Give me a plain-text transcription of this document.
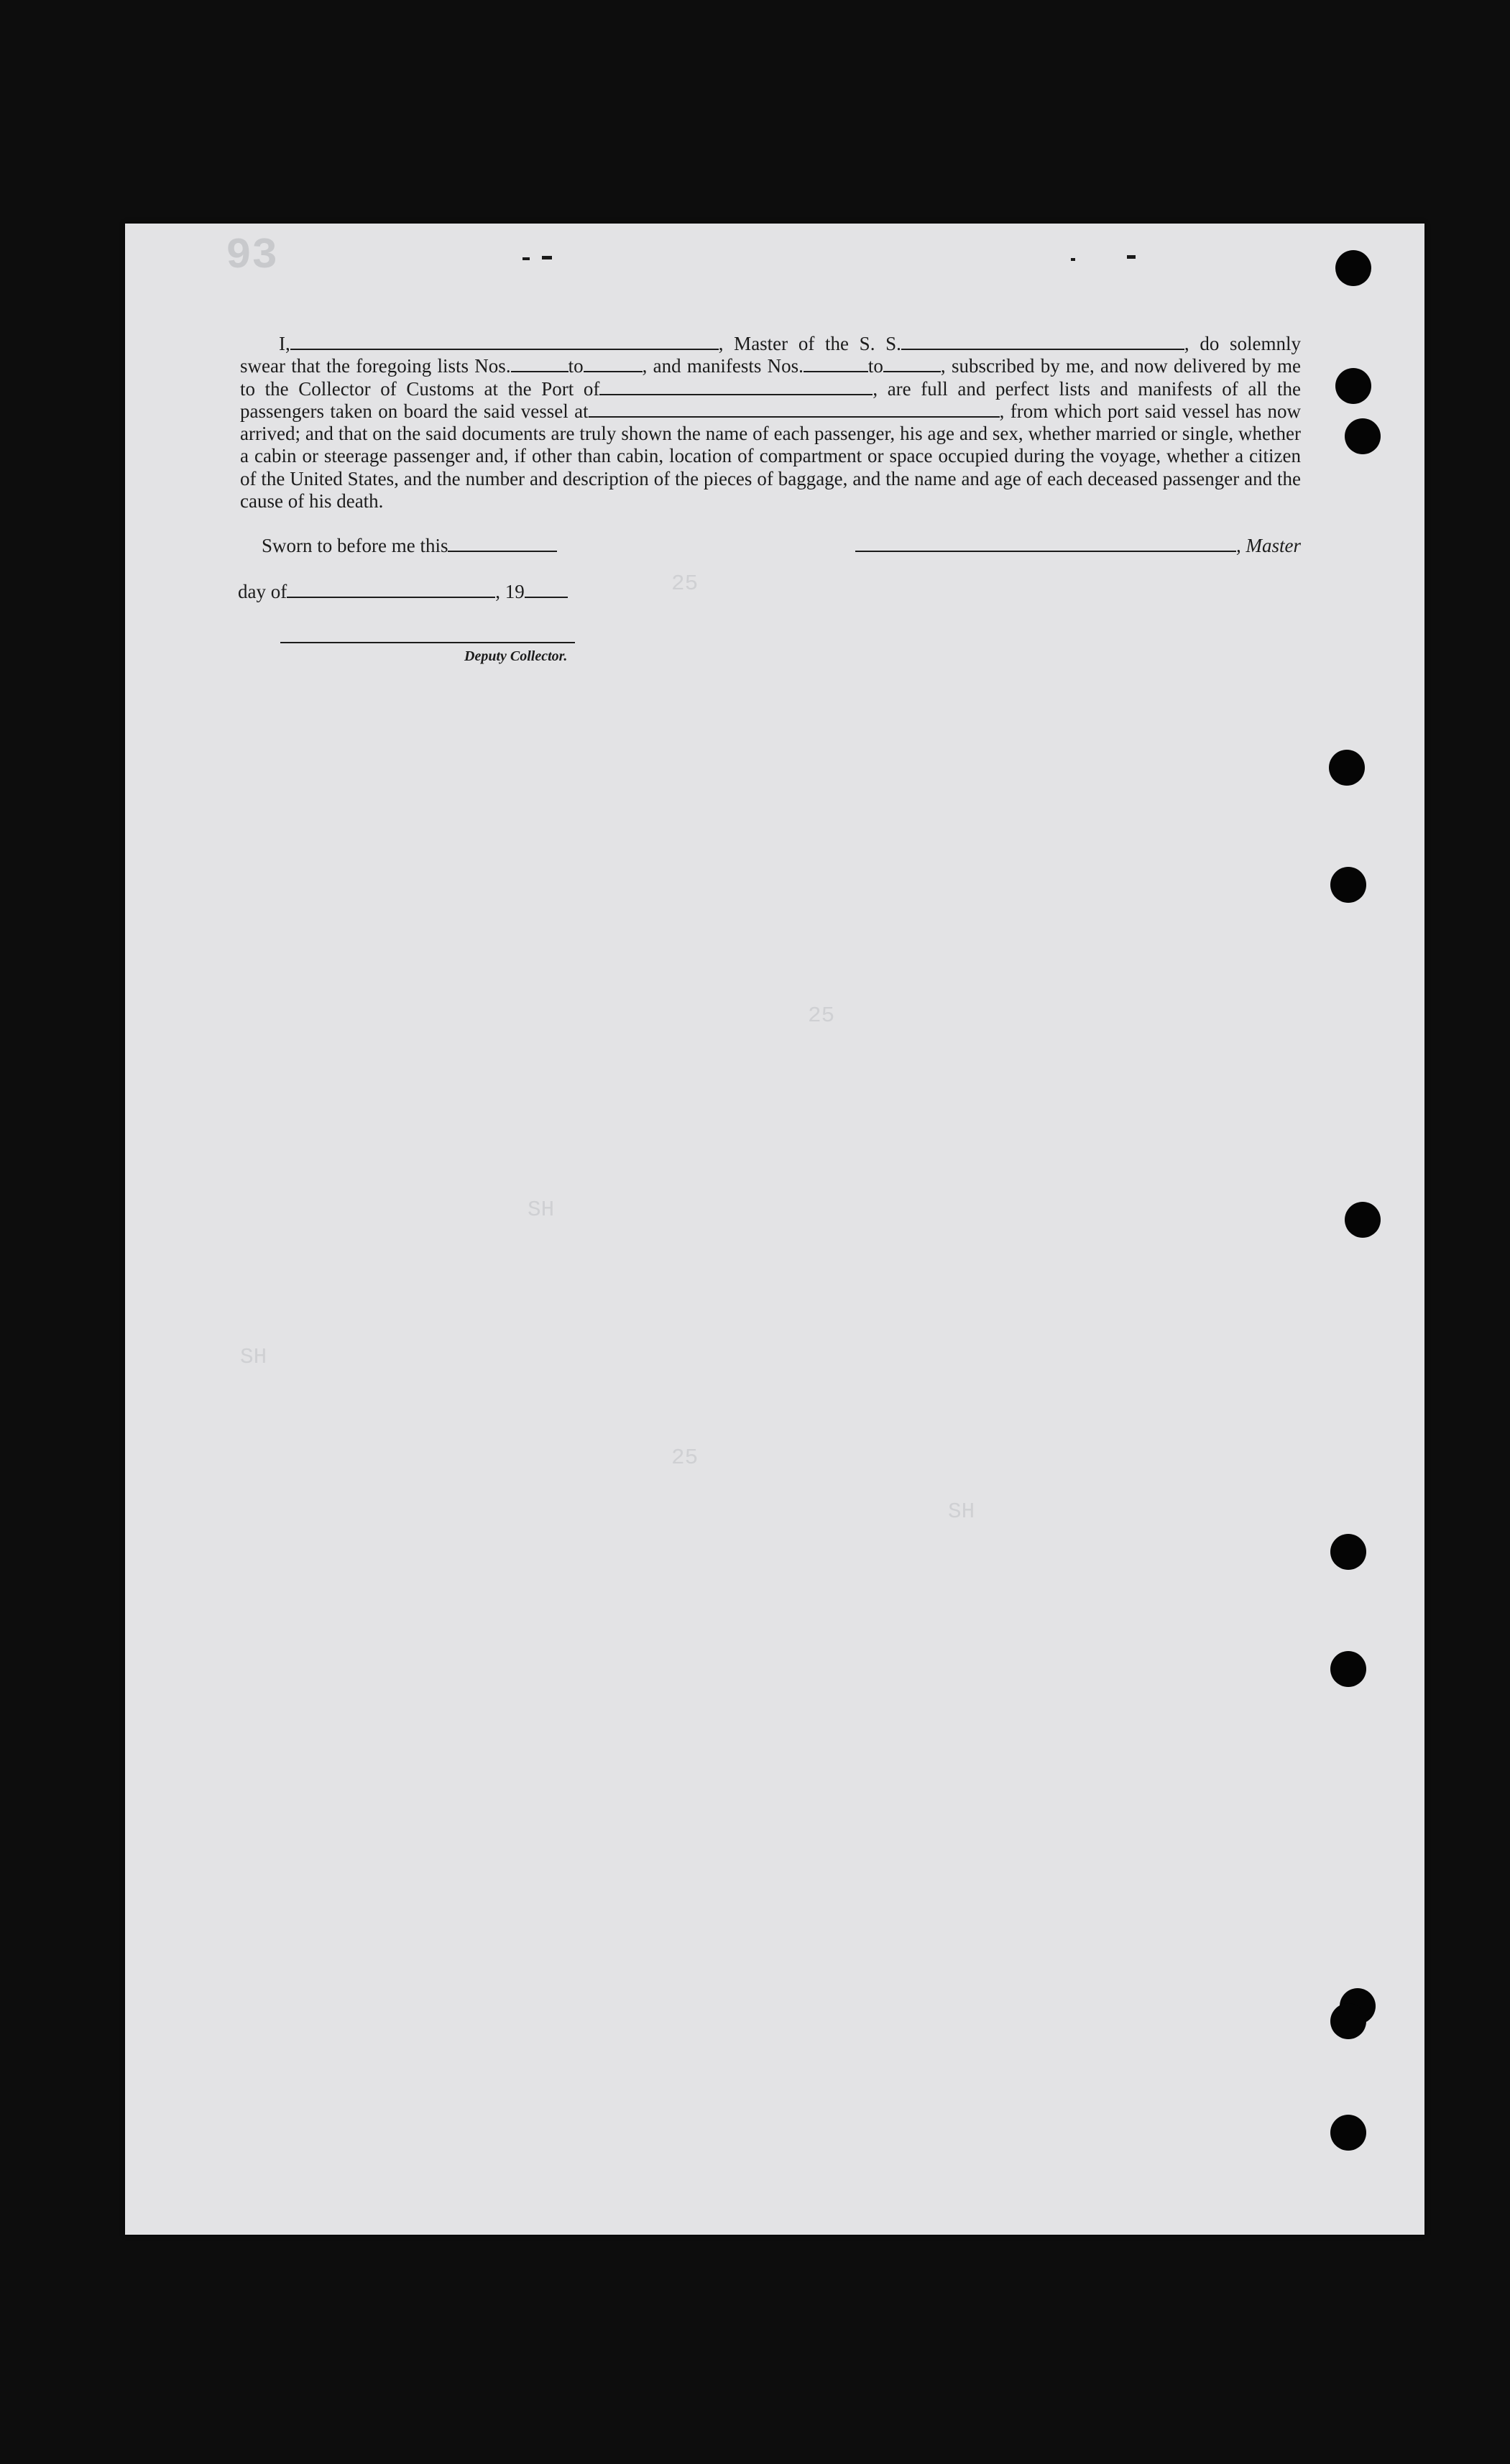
93
I,	, Master of the S. S.	, do solemnly swear that the foregoing lists Nos.	to	, and manifests Nos.	to	, subscribed by me, and now delivered by me to the Collector of Customs at the Port of	, are full and perfect lists and manifests of all the passengers taken on board the said vessel at	, from which port said vessel has now arrived; and that on the said documents are truly shown the name of each passenger, his age and sex, whether married or single, whether a cabin or steerage passenger and, if other than cabin, location of compartment or space occupied during the voyage, whether a citizen of the United States, and the number and description of the pieces of baggage, and the name and age of each deceased passenger and the cause of his death.
Sworn to before me this	, Master
day of	, 19
Deputy Collector.
25
SH
25
SH
25
SH
